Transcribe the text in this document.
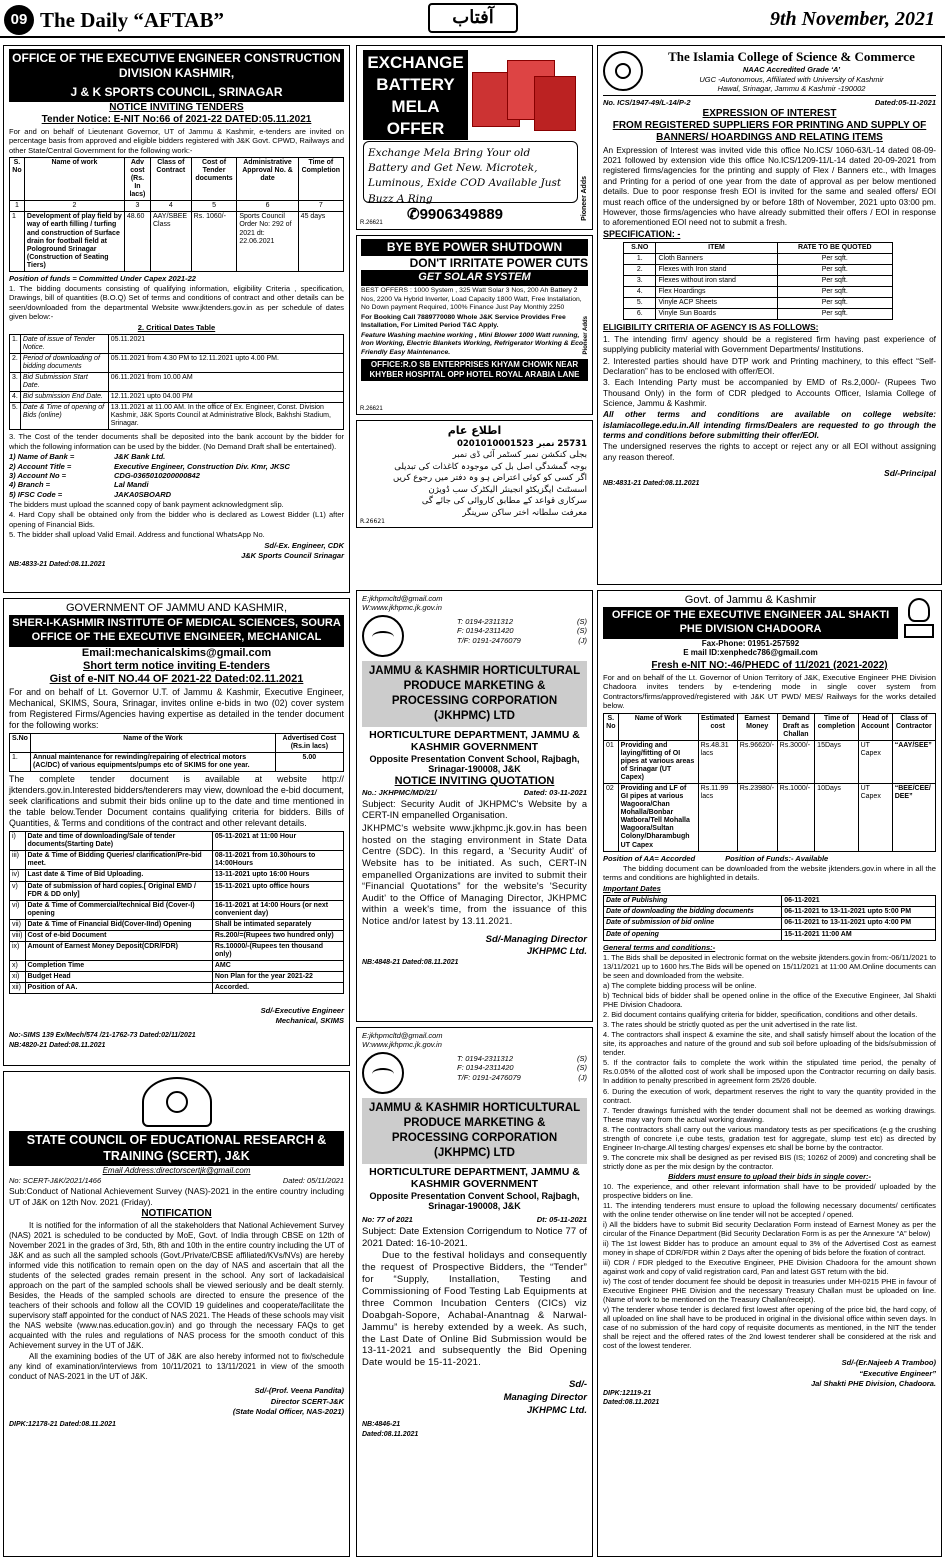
09 The Daily “AFTAB”	آفتاب	9th November, 2021
OFFICE OF THE EXECUTIVE ENGINEER CONSTRUCTION DIVISION KASHMIR,
J & K SPORTS COUNCIL, SRINAGAR
NOTICE INVITING TENDERS
Tender Notice: E-NIT No:66 of 2021-22 DATED:05.11.2021

For and on behalf of Lieutenant Governor, UT of Jammu & Kashmir, e-tenders are invited on percentage basis from approved and eligible bidders registered with J&K Govt. CPWD, Railways and other State/Central Government for the following work:-

S. No	Name of work	Adv cost (Rs. In lacs)	Class of Contract	Cost of Tender documents	Administrative Approval No. & date	Time of Completion
1	2	3	4	5	6	7
1	Development of play field by way of earth filling / turfing and construction of Surface drain for football field at Pologround Srinagar (Construction of Seating Tiers)	48.60	AAY/SBEE Class	Rs. 1060/-	Sports Council Order No: 292 of 2021 dt: 22.06.2021	45 days

Position of funds = Committed Under Capex 2021-22

1. The bidding documents consisting of qualifying information, eligibility Criteria , specification, Drawings, bill of quantities (B.O.Q) Set of terms and conditions of contract and other details can be seen/downloaded from the departmental Website www.jktenders.gov.in as per schedule of dates given below:-

2. Critical Dates Table

1.	Date of issue of Tender Notice.	05.11.2021
2.	Period of downloading of bidding documents	05.11.2021 from 4.30 PM to 12.11.2021 upto 4.00 PM.
3.	Bid Submission Start Date.	06.11.2021 from 10.00 AM
4.	Bid submission End Date.	12.11.2021 upto 04.00 PM
5.	Date & Time of opening of Bids (online)	13.11.2021 at 11.00 AM. In the office of Ex. Engineer, Const. Division Kashmir, J&K Sports Council at Administrative Block, Bakhshi Stadium, Srinagar.

3. The Cost of the tender documents shall be deposited into the bank account by the bidder for which the following information can be used by the bidder. (No Demand Draft shall be entertained).

1) Name of Bank =	J&K Bank Ltd.
2) Account Title =	Executive Engineer, Construction Div. Kmr, JKSC
3) Account No =	CDG-0365010200000842
4) Branch =	Lal Mandi
5) IFSC Code =	JAKA0SBOARD

The bidders must upload the scanned copy of bank payment acknowledgment slip.

4. Hard Copy shall be obtained only from the bidder who is declared as Lowest Bidder (L1) after opening of Financial Bids.

5. The bidder shall upload Valid Email. Address and functional WhatsApp No.

Sd/-Ex. Engineer, CDK

J&K Sports Council Srinagar

NB:4833-21 Dated:08.11.2021

EXCHANGE
BATTERY MELA
OFFER
Exchange Mela Bring Your old Battery and Get New. Microtek, Luminous, Exide COD Available Just Buzz A Ring
✆9906349889	Pioneer Adds
R.26621
BYE BYE POWER SHUTDOWN
DON'T IRRITATE POWER CUTS
GET SOLAR SYSTEM

BEST OFFERS : 1000 System , 325 Watt Solar 3 Nos, 200 Ah Battery 2 Nos, 2200 Va Hybrid Inverter, Load Capacity 1800 Watt, Free Installation, No Down payment Required, 100% Finance Just Pay Monthly 2250

For Booking Call 7889770080 Whole J&K Service Provides Free Installation, For Limited Period T&C Apply.

Feature Washing machine working , Mini Blower 1000 Watt running, Iron Working, Electric Blankets Working, Refrigerator Working & Eco Friendly Easy Maintenance.

OFFICE:R.O SB ENTERPRISES KHYAM CHOWK NEAR KHYBER HOSPITAL OPP HOTEL ROYAL ARABIA LANE
Pioneer Adds
R.26621
اطلاع عام
25731 نمبر 0201010001523
بجلی کنکشن نمبر کسٹمر آئی ڈی نمبر
بوجہ گمشدگی اصل بل کی موجودہ کاغذات کی تبدیلی
اگر کسی کو کوئی اعتراض ہو وہ دفتر میں رجوع کریں
اسسٹنٹ ایگزیکٹو انجینئر الیکٹرک سب ڈویژن
سرکاری قواعد کے مطابق کاروائی کی جائے گی
معرفت سلطانہ اختر ساکن سرینگر
R.26621
The Islamia College of Science & Commerce
NAAC Accredited Grade ‘A’
UGC -Autonomous, Affiliated with University of Kashmir
Hawal, Srinagar, Jammu & Kashmir -190002
No. ICS/1947-49/L-14/P-2	Dated:05-11-2021
EXPRESSION OF INTEREST
FROM REGISTERED SUPPLIERS FOR PRINTING AND SUPPLY OF
BANNERS/ HOARDINGS AND RELATING ITEMS

An Expression of Interest was invited vide this office No.ICS/ 1060-63/L-14 dated 08-09-2021 followed by extension vide this office No.ICS/1209-11/L-14 dated 20-09-2021 from registered firms/agencies for the printing and supply of Flex / Banners etc., with Images and Printing for a period of one year from the date of approval as per below mentioned details. Due to poor response fresh EOI is invited for the same and sealed offers/ EOI must reach office of the undersigned by or before 18th of November, 2021 upto 03:00 pm. However, those firms/agencies who have already submitted their offers / EOI in response to aforementioned EOI need not to submit a fresh.

SPECIFICATION: -

S.NO	ITEM	RATE TO BE QUOTED
1.	Cloth Banners	Per sqft.
2.	Flexes with Iron stand	Per sqft.
3.	Flexes without iron stand	Per sqft.
4.	Flex Hoardings	Per sqft.
5.	Vinyle ACP Sheets	Per sqft.
6.	Vinyle Sun Boards	Per sqft.

ELIGIBILITY CRITERIA OF AGENCY IS AS FOLLOWS:

1. The intending firm/ agency should be a registered firm having past experience of supplying publicity material with Government Departments/ Institutions.

2. Interested parties should have DTP work and Printing machinery, to this effect “Self-Declaration” has to be enclosed with offer/EOI.

3. Each Intending Party must be accompanied by EMD of Rs.2,000/- (Rupees Two Thousand Only) in the form of CDR pledged to Accounts Officer, Islamia College of Science, Jammu & Kashmir.

All other terms and conditions are available on college website: islamiacollege.edu.in.All intending firms/Dealers are requested to go through the terms and conditions before submitting their offer/EOI.

The undersigned reserves the rights to accept or reject any or all EOI without assigning any reason thereof.

Sd/-Principal

NB:4831-21 Dated:08.11.2021

GOVERNMENT OF JAMMU AND KASHMIR,
SHER-I-KASHMIR INSTITUTE OF MEDICAL SCIENCES, SOURA OFFICE OF THE EXECUTIVE ENGINEER, MECHANICAL
Email:mechanicalskims@gmail.com
Short term notice inviting E-tenders
Gist of e-NIT NO.44 OF 2021-22 Dated:02.11.2021

For and on behalf of Lt. Governor U.T. of Jammu & Kashmir, Executive Engineer, Mechanical, SKIMS, Soura, Srinagar, invites online e-bids in two (02) cover system from Registered Firms/Agencies having expertise as detailed in the tender document for the following works:

S.No	Name of the Work	Advertised Cost (Rs.in lacs)
1.	Annual maintenance for rewinding/repairing of electrical motors (AC/DC) of various equipments/pumps etc of SKIMS for one year.	5.00

The complete tender document is available at website http:// jktenders.gov.in.Interested bidders/tenderers may view, download the e-bid document, seek clarifications and submit their bids online up to the date and time mentioned in the table below.Tender Document contains qualifying criteria for bidders. Bills of Quantities, & Terms and conditions of the contract and other relevant details.

i)	Date and time of downloading/Sale of tender documents(Starting Date)	05-11-2021 at 11:00 Hour
iii)	Date & Time of Bidding Queries/ clarification/Pre-bid meet.	08-11-2021 from 10.30hours to 14:00Hours
iv)	Last date & Time of Bid Uploading.	13-11-2021 upto 16:00 Hours
v)	Date of submission of hard copies.[ Original EMD / FDR & DD only]	15-11-2021 upto office hours
vi)	Date & Time of Commercial/technical Bid (Cover-I) opening	16-11-2021 at 14:00 Hours (or next convenient day)
vii)	Date & Time of Financial Bid(Cover-IInd) Opening	Shall be intimated separately
viii)	Cost of e-bid Document	Rs.200/=(Rupees two hundred only)
ix)	Amount of Earnest Money Deposit(CDR/FDR)	Rs.10000/-(Rupees ten thousand only)
x)	Completion Time	AMC
xi)	Budget Head	Non Plan for the year 2021-22
xii)	Position of AA.	Accorded.

Sd/-Executive Engineer

Mechanical, SKIMS

No:-SIMS 139 Ex/Mech/574 /21-1762-73 Dated:02/11/2021

NB:4820-21 Dated:08.11.2021

E:jkhpmcltd@gmail.com
W:www.jkhpmc.jk.gov.in
T: 0194-2311312	(S)
F: 0194-2311420	(S)
T/F: 0191-2476079	(J)
JAMMU & KASHMIR HORTICULTURAL PRODUCE MARKETING & PROCESSING CORPORATION (JKHPMC) LTD
HORTICULTURE DEPARTMENT, JAMMU & KASHMIR GOVERNMENT
Opposite Presentation Convent School, Rajbagh, Srinagar-190008, J&K
NOTICE INVITING QUOTATION
No.: JKHPMC/MD/21/	Dated: 03-11-2021

Subject: Security Audit of JKHPMC's Website by a CERT-IN empanelled Organisation.

JKHPMC's website www.jkhpmc.jk.gov.in has been hosted on the staging environment in State Data Centre (SDC). In this regard, a 'Security Audit' of Website has to be initiated. As such, CERT-IN empanelled Organizations are invited to submit their “Financial Quotations” for the website's 'Security Audit' to the Office of Managing Director, JKHPMC within a week's time, from the issuance of this Notice and/or latest by 13.11.2021.

Sd/-Managing Director

JKHPMC Ltd.

NB:4848-21 Dated:08.11.2021

E:jkhpmcltd@gmail.com
W:www.jkhpmc.jk.gov.in
T: 0194-2311312	(S)
F: 0194-2311420	(S)
T/F: 0191-2476079	(J)
JAMMU & KASHMIR HORTICULTURAL PRODUCE MARKETING & PROCESSING CORPORATION (JKHPMC) LTD
HORTICULTURE DEPARTMENT, JAMMU & KASHMIR GOVERNMENT
Opposite Presentation Convent School, Rajbagh, Srinagar-190008, J&K
No: 77 of 2021	Dt: 05-11-2021

Subject: Date Extension Corrigendum to Notice 77 of 2021 Dated: 16-10-2021.

Due to the festival holidays and consequently the request of Prospective Bidders, the “Tender” for “Supply, Installation, Testing and Commissioning of Food Testing Lab Equipments at three Common Incubation Centers (CICs) viz Doabgah-Sopore, Achabal-Anantnag & Narwal-Jammu” is hereby extended by a week. As such, the Last Date of Online Bid Submission would be 13-11-2021 and subsequently the Bid Opening Date would be 15-11-2021.

Sd/-

Managing Director

JKHPMC Ltd.

NB:4846-21

Dated:08.11.2021

STATE COUNCIL OF EDUCATIONAL RESEARCH & TRAINING (SCERT), J&K
Email Address:directorscertjk@gmail.com
No: SCERT-J&K/2021/1466	Dated: 05/11/2021

Sub:Conduct of National Achievement Survey (NAS)-2021 in the entire country including UT of J&K on 12th Nov. 2021 (Friday).

NOTIFICATION

It is notified for the information of all the stakeholders that National Achievement Survey (NAS) 2021 is scheduled to be conducted by MoE, Govt. of India through CBSE on 12th of November 2021 in the grades of 3rd, 5th, 8th and 10th in the entire country including the UT of J&K and as such all the sampled schools (Govt./Private/CBSE affiliated/KVs/NVs) are hereby informed vide this notification to remain open on the day of NAS and ascertain that all the students of the selected grades remain present in the school. Any sort of lackadaisical approach on the part of the sampled schools shall be viewed seriously and be dealt sternly. Besides, the Heads of the sampled schools are directed to ensure the presence of the teachers of their schools and follow all the COVID 19 guidelines and cooperate/facilitate the supervisory staff appointed for the conduct of NAS 2021. The Heads of these schools may visit the NAS website (www.nas.education.gov.in) and go through the necessary FAQs to get acquainted with the rules and regulations of NAS process for the smooth conduct of this Achievement survey in the UT of J&K.

All the examining bodies of the UT of J&K are also hereby informed not to fix/schedule any kind of examination/interviews from 10/11/2021 to 13/11/2021 in view of the smooth conduct of NAS-2021 in the UT of J&K.

Sd/-(Prof. Veena Pandita)

Director SCERT-J&K

(State Nodal Officer, NAS-2021)

DIPK:12178-21 Dated:08.11.2021

Govt. of Jammu & Kashmir
OFFICE OF THE EXECUTIVE ENGINEER JAL SHAKTI PHE DIVISION CHADOORA
Fax-Phone: 01951-257592
E mail ID:xenphedc786@gmail.com
Fresh e-NIT NO:-46/PHEDC of 11/2021 (2021-2022)

For and on behalf of the Lt. Governor of Union Territory of J&K, Executive Engineer PHE Division Chadoora invites tenders by e-tendering mode in single cover system from Contractors/firms/approved/registered with J&K UT PWD/ MES/ Railways for the works detailed below.

S. No	Name of Work	Estimated cost	Earnest Money	Demand Draft as Challan	Time of completion	Head of Account	Class of Contractor
01	Providing and laying/fitting of OI pipes at various areas of Srinagar (UT Capex)	Rs.48.31 lacs	Rs.96620/-	Rs.3000/-	15Days	UT Capex	“AAY/SEE”
02	Providing and LF of GI pipes at various Wagoora/Chan Mohalla/Bonbar Watbora/Tell Mohalla Wagoora/Sultan Colony/Dharambugh UT Capex	Rs.11.99 lacs	Rs.23980/-	Rs.1000/-	10Days	UT Capex	“BEE/CEE/ DEE”
Position of AA= Accorded	Position of Funds:- Available

The bidding document can be downloaded from the website jktenders.gov.in where in all the terms and conditions are highlighted in details.

Important Dates

Date of Publishing	06-11-2021
Date of downloading the bidding documents	06-11-2021 to 13-11-2021 upto 5:00 PM
Date of submission of bid online	06-11-2021 to 13-11-2021 upto 4:00 PM
Date of opening	15-11-2021 11:00 AM

General terms and conditions:-

1. The Bids shall be deposited in electronic format on the website jktenders.gov.in from:-06/11/2021 to 13/11/2021 up to 1600 hrs.The Bids will be opened on 15/11/2021 at 11:00 AM.Online documents can be seen and downloaded from the website.

a) The complete bidding process will be online.

b) Technical bids of bidder shall be opened online in the office of the Executive Engineer, Jal Shakti PHE Division Chadoora.

2. Bid document contains qualifying criteria for bidder, specification, conditions and other details.

3. The rates should be strictly quoted as per the unit advertised in the rate list.

4. The contractors shall inspect & examine the site, and shall satisfy himself about the location of the site, its approaches and nature of the ground and sub soil before uploading of the bids/submission of tender.

5. If the contractor fails to complete the work within the stipulated time period, the penalty of Rs.0.05% of the allotted cost of work shall be imposed upon the Contractor recurring on daily basis. In addition to penalty prescribed in agreement form 25/26 double.

6. During the execution of work, department reserves the right to vary the quantity provided in the contract.

7. Tender drawings furnished with the tender document shall not be deemed as working drawings. These may vary from the actual working drawing.

8. The contractors shall carry out the various mandatory tests as per specifications (e.g the crushing strength of concrete i,e cube tests, gradation test for aggregate, slump test etc) as directed by Engineer In-charge.All testing charges/ expenses etc shall be borne by the contractor.

9. The concrete mix shall be designed as per revised BIS (IS; 10262 of 2009) and concreting shall be strictly done as per the mix design by the contractor.

Bidders must ensure to upload their bids in single cover:-

10. The experience, and other relevant information shall have to be provided/ uploaded by the prospective bidders on line.

11. The intending tenderers must ensure to upload the following necessary documents/ certificates with the online tender otherwise on line tender will not be accepted / opened.

i) All the bidders have to submit Bid security Declaration Form instead of Earnest Money as per the circular of the Finance Department (Bid Security Declaration Form is as per the Annexure “A” below)

ii) The 1st lowest Bidder has to produce an amount equal to 3% of the Advertised Cost as earnest money in shape of CDR/FDR within 2 Days after the opening of bids before the fixation of contract.

iii) CDR / FDR pledged to the Executive Engineer, PHE Division Chadoora for the amount shown against work and copy of valid registration card, Pan and latest GST return with the bid.

iv) The cost of tender document fee should be deposit in treasuries under MH-0215 PHE in favour of Executive Engineer PHE Division and the necessary Treasury Challan must be uploaded on line. (Name of work to be mentioned on the Treasury Challan/receipt).

v) The tenderer whose tender is declared first lowest after opening of the price bid, the hard copy, of all uploaded on line shall have to be produced in original in the divisional office within seven days. In case of no submission of the hard copy of requisite documents as mentioned, in the NIT the tender shall be reject and the offered rates of the 2nd lowest tenderer shall be considered at the risk and cost of the lowest tenderer.

Sd/-(Er.Najeeb A Tramboo)

“Executive Engineer”

Jal Shakti PHE Division, Chadoora.

DIPK:12119-21

Dated:08.11.2021
